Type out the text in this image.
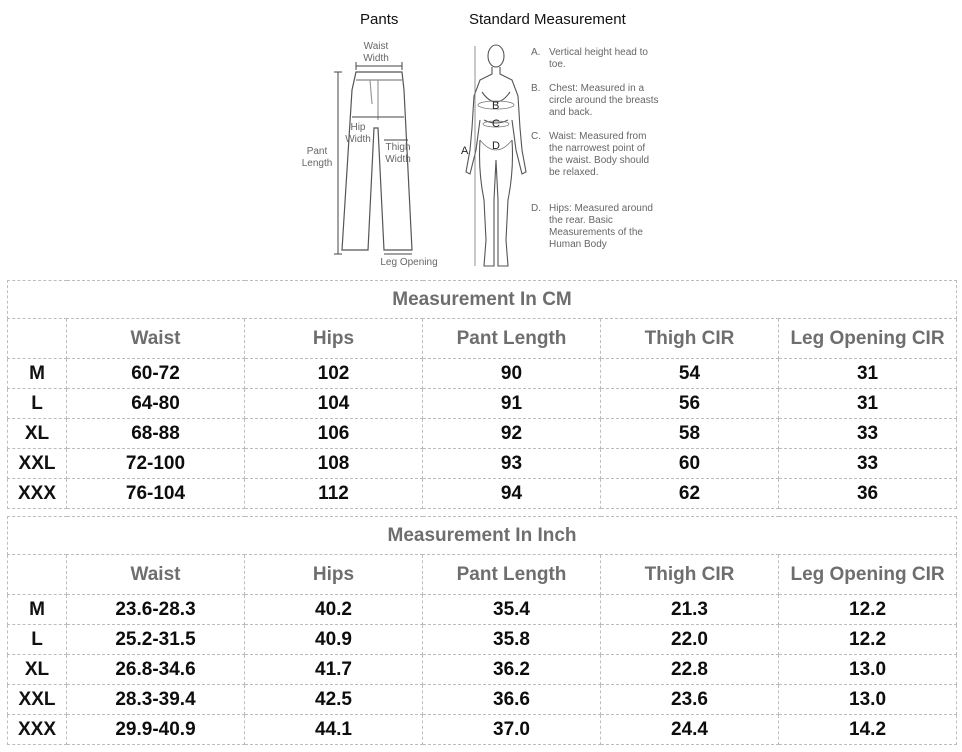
Pants	Standard Measurement
Waist
Width
Hip
Width
Thigh
Width
Pant
Length
Leg Opening
A
B
C
D
A. Vertical height head to toe.
B. Chest: Measured in a circle around the breasts and back.
C. Waist: Measured from the narrowest point of the waist. Body should be relaxed.
D. Hips: Measured around the rear. Basic Measurements of the Human Body
Measurement In CM					
	Waist	Hips	Pant Length	Thigh CIR	Leg Opening CIR
M	60-72	102	90	54	31
L	64-80	104	91	56	31
XL	68-88	106	92	58	33
XXL	72-100	108	93	60	33
XXX	76-104	112	94	62	36
Measurement In Inch					
	Waist	Hips	Pant Length	Thigh CIR	Leg Opening CIR
M	23.6-28.3	40.2	35.4	21.3	12.2
L	25.2-31.5	40.9	35.8	22.0	12.2
XL	26.8-34.6	41.7	36.2	22.8	13.0
XXL	28.3-39.4	42.5	36.6	23.6	13.0
XXX	29.9-40.9	44.1	37.0	24.4	14.2
